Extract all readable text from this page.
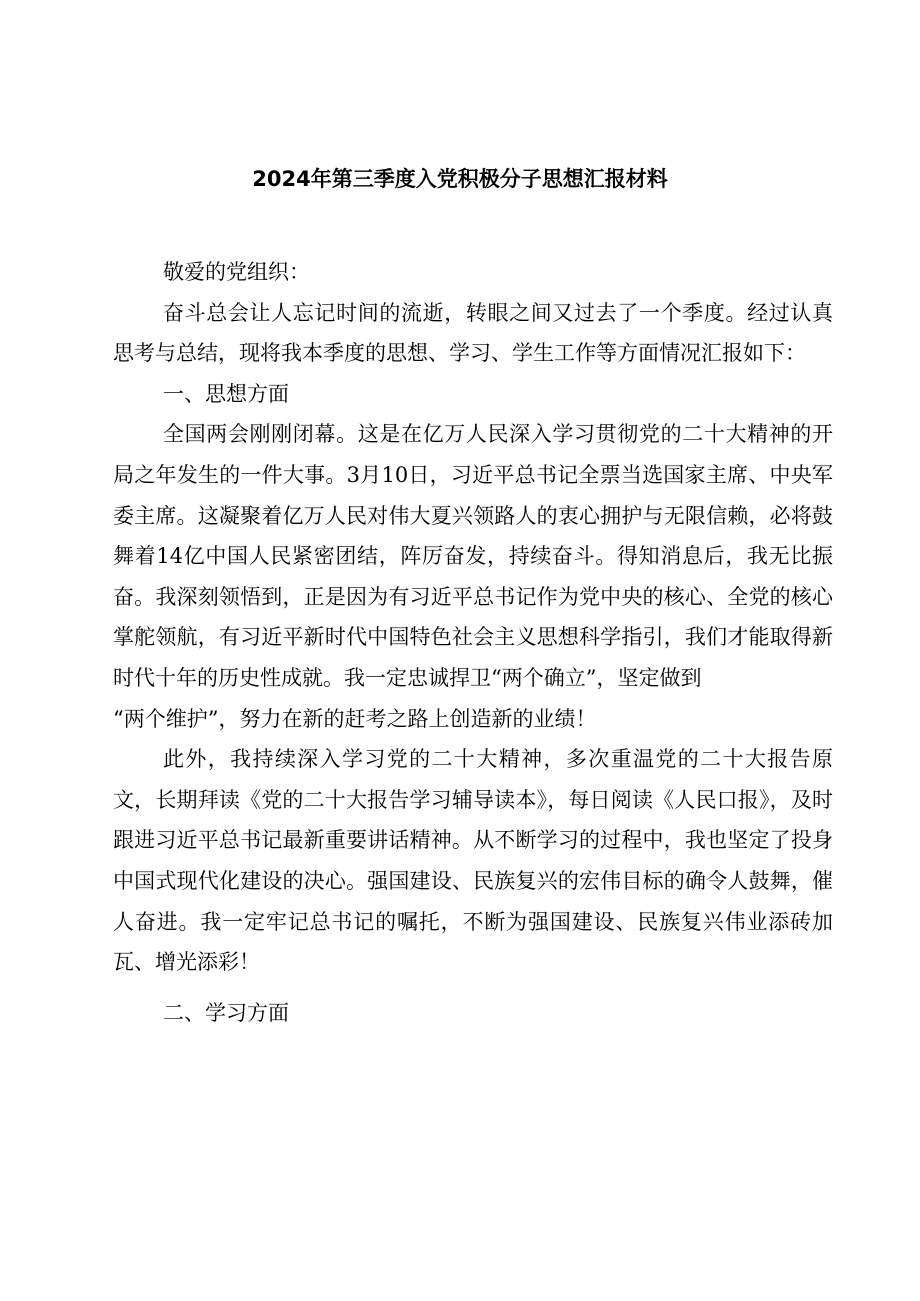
2024年第三季度入党积极分子思想汇报材料

敬爱的党组织：

奋斗总会让人忘记时间的流逝，转眼之间又过去了一个季度。经过认真思考与总结，现将我本季度的思想、学习、学生工作等方面情况汇报如下：

一、思想方面

全国两会刚刚闭幕。这是在亿万人民深入学习贯彻党的二十大精神的开局之年发生的一件大事。3月10日，习近平总书记全票当选国家主席、中央军委主席。这凝聚着亿万人民对伟大夏兴领路人的衷心拥护与无限信赖，必将鼓舞着14亿中国人民紧密团结，阵厉奋发，持续奋斗。得知消息后，我无比振奋。我深刻领悟到，正是因为有习近平总书记作为党中央的核心、全党的核心掌舵领航，有习近平新时代中国特色社会主义思想科学指引，我们才能取得新时代十年的历史性成就。我一定忠诚捍卫“两个确立”，坚定做到

“两个维护”，努力在新的赶考之路上创造新的业绩！

此外，我持续深入学习党的二十大精神，多次重温党的二十大报告原文，长期拜读《党的二十大报告学习辅导读本》，每日阅读《人民口报》，及时跟进习近平总书记最新重要讲话精神。从不断学习的过程中，我也坚定了投身中国式现代化建设的决心。强国建设、民族复兴的宏伟目标的确令人鼓舞，催人奋进。我一定牢记总书记的嘱托，不断为强国建设、民族复兴伟业添砖加瓦、增光添彩！

二、学习方面
